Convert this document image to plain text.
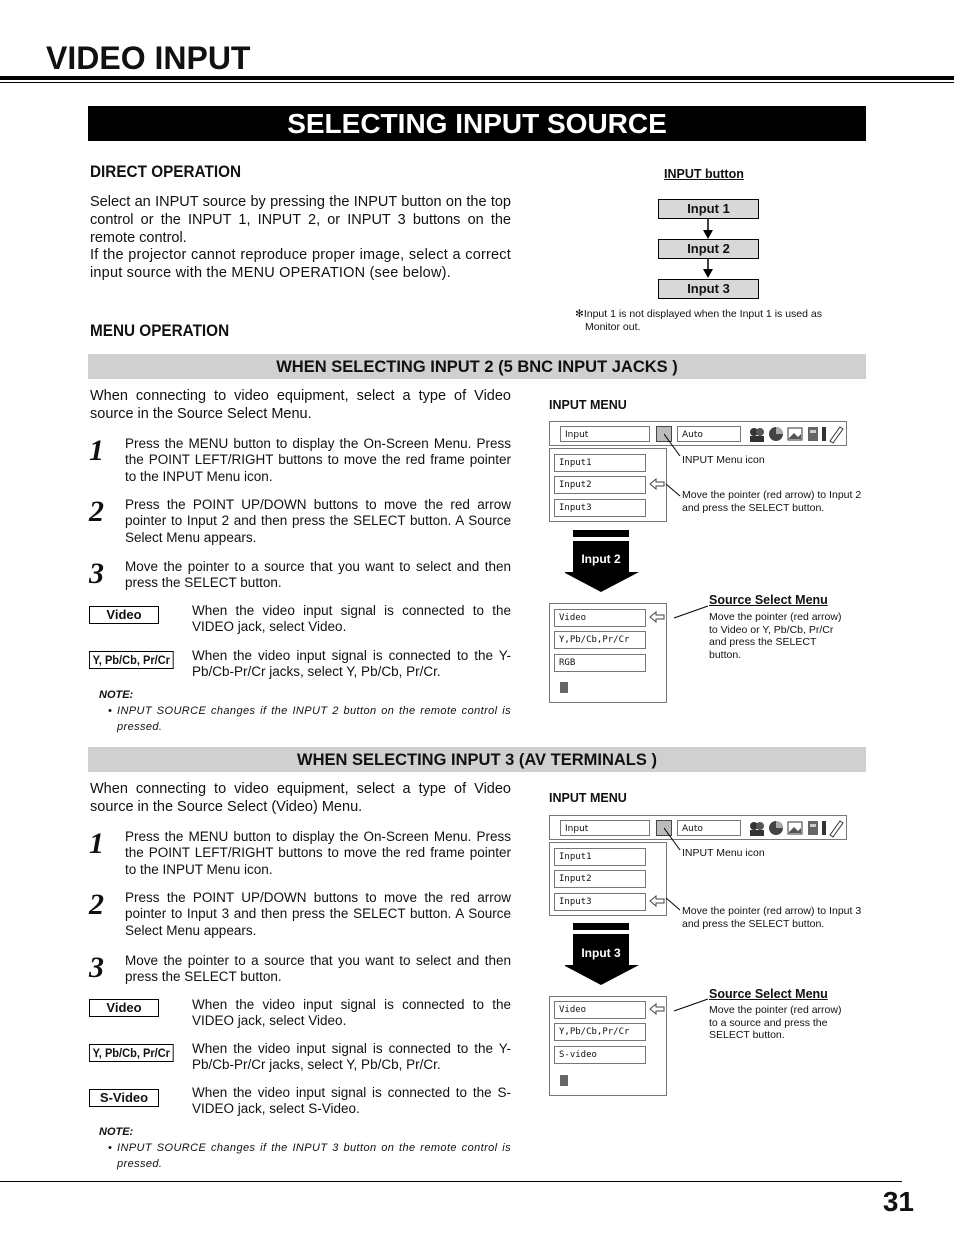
VIDEO INPUT
SELECTING INPUT SOURCE
DIRECT OPERATION
Select an INPUT source by pressing the INPUT button on the top control or the INPUT 1, INPUT 2, or INPUT 3 buttons on the remote control.
If the projector cannot reproduce proper image, select a correct input source with the MENU OPERATION (see below).
INPUT button
Input 1
Input 2
Input 3
✻Input 1 is not displayed when the Input 1 is used as Monitor out.
MENU OPERATION
WHEN SELECTING INPUT 2 (5 BNC INPUT JACKS )
When connecting to video equipment, select a type of Video source in the Source Select Menu.
1 Press the MENU button to display the On-Screen Menu. Press the POINT LEFT/RIGHT buttons to move the red frame pointer to the INPUT Menu icon.
2 Press the POINT UP/DOWN buttons to move the red arrow pointer to Input 2 and then press the SELECT button. A Source Select Menu appears.
3 Move the pointer to a source that you want to select and then press the SELECT button.
Video	When the video input signal is connected to the VIDEO jack, select Video.
Y, Pb/Cb, Pr/Cr When the video input signal is connected to the Y-Pb/Cb-Pr/Cr jacks, select Y, Pb/Cb, Pr/Cr.
NOTE:
• INPUT SOURCE changes if the INPUT 2 button on the remote control is pressed.
INPUT MENU
Input	Auto
Input1
Input2
Input3
INPUT Menu icon
Move the pointer (red arrow) to Input 2 and press the SELECT button.
Input 2
Video
Y,Pb/Cb,Pr/Cr
RGB
Source Select Menu
Move the pointer (red arrow) to Video or Y, Pb/Cb, Pr/Cr and press the SELECT button.
WHEN SELECTING INPUT 3 (AV TERMINALS )
When connecting to video equipment, select a type of Video source in the Source Select (Video) Menu.
1 Press the MENU button to display the On-Screen Menu. Press the POINT LEFT/RIGHT buttons to move the red frame pointer to the INPUT Menu icon.
2 Press the POINT UP/DOWN buttons to move the red arrow pointer to Input 3 and then press the SELECT button. A Source Select Menu appears.
3 Move the pointer to a source that you want to select and then press the SELECT button.
Video	When the video input signal is connected to the VIDEO jack, select Video.
Y, Pb/Cb, Pr/Cr When the video input signal is connected to the Y-Pb/Cb-Pr/Cr jacks, select Y, Pb/Cb, Pr/Cr.
S-Video	When the video input signal is connected to the S-VIDEO jack, select S-Video.
NOTE:
• INPUT SOURCE changes if the INPUT 3 button on the remote control is pressed.
INPUT MENU
Input	Auto
Input1
Input2
Input3
INPUT Menu icon
Move the pointer (red arrow) to Input 3 and press the SELECT button.
Input 3
Video
Y,Pb/Cb,Pr/Cr
S-video
Source Select Menu
Move the pointer (red arrow) to a source and press the SELECT button.
31
